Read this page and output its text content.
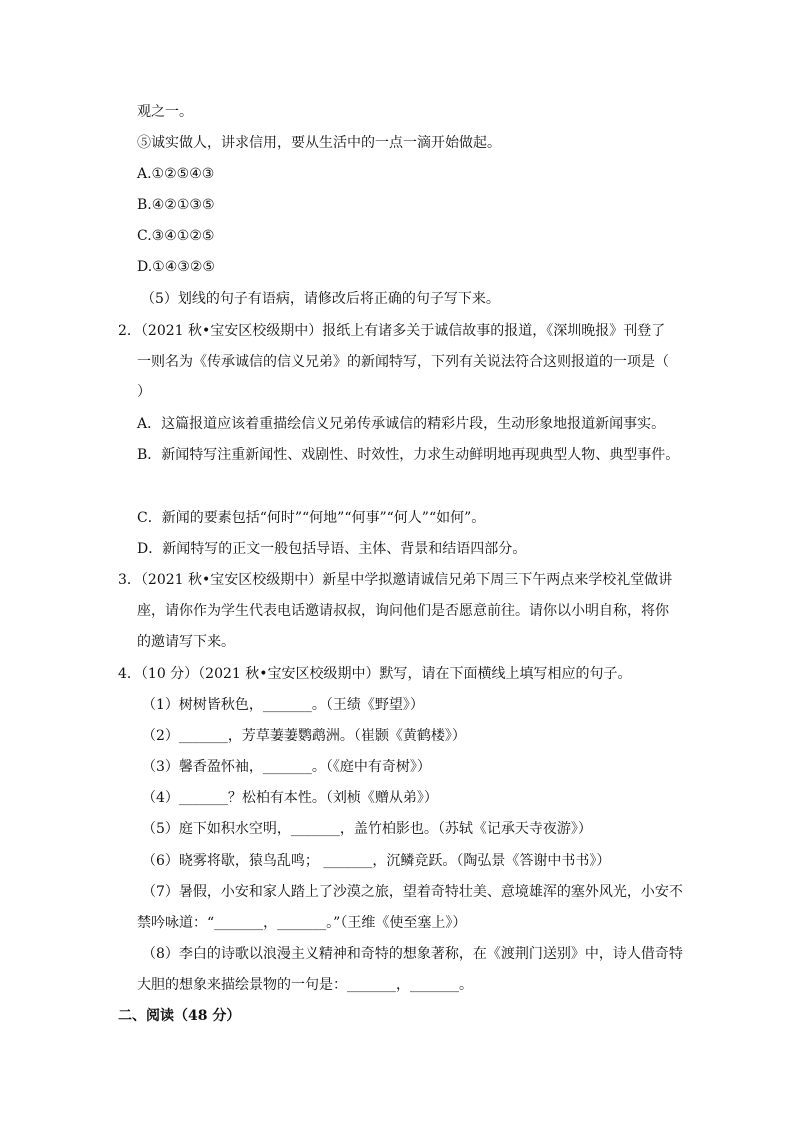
观之一。
⑤诚实做人，讲求信用，要从生活中的一点一滴开始做起。
A.①②⑤④③
B.④②①③⑤
C.③④①②⑤
D.①④③②⑤
（5）划线的句子有语病，请修改后将正确的句子写下来。
2．（2021 秋•宝安区校级期中）报纸上有诸多关于诚信故事的报道，《深圳晚报》刊登了
一则名为《传承诚信的信义兄弟》的新闻特写，下列有关说法符合这则报道的一项是（
）
A．这篇报道应该着重描绘信义兄弟传承诚信的精彩片段，生动形象地报道新闻事实。
B．新闻特写注重新闻性、戏剧性、时效性，力求生动鲜明地再现典型人物、典型事件。
C．新闻的要素包括“何时”“何地”“何事”“何人”“如何”。
D．新闻特写的正文一般包括导语、主体、背景和结语四部分。
3．（2021 秋•宝安区校级期中）新星中学拟邀请诚信兄弟下周三下午两点来学校礼堂做讲
座，请你作为学生代表电话邀请叔叔，询问他们是否愿意前往。请你以小明自称，将你
的邀请写下来。
4．（10 分）（2021 秋•宝安区校级期中）默写，请在下面横线上填写相应的句子。
（1）树树皆秋色，_______。（王绩《野望》）
（2）_______，芳草萋萋鹦鹉洲。（崔颢《黄鹤楼》）
（3）馨香盈怀袖，_______。（《庭中有奇树》）
（4）_______？松柏有本性。（刘桢《赠从弟》）
（5）庭下如积水空明，_______，盖竹柏影也。（苏轼《记承天寺夜游》）
（6）晓雾将歇，猿鸟乱鸣； _______，沉鳞竞跃。（陶弘景《答谢中书书》）
（7）暑假，小安和家人踏上了沙漠之旅，望着奇特壮美、意境雄浑的塞外风光，小安不
禁吟咏道：“_______，_______。”（王维《使至塞上》）
（8）李白的诗歌以浪漫主义精神和奇特的想象著称，在《渡荆门送别》中，诗人借奇特
大胆的想象来描绘景物的一句是：_______，_______。
二、阅读（48 分）
